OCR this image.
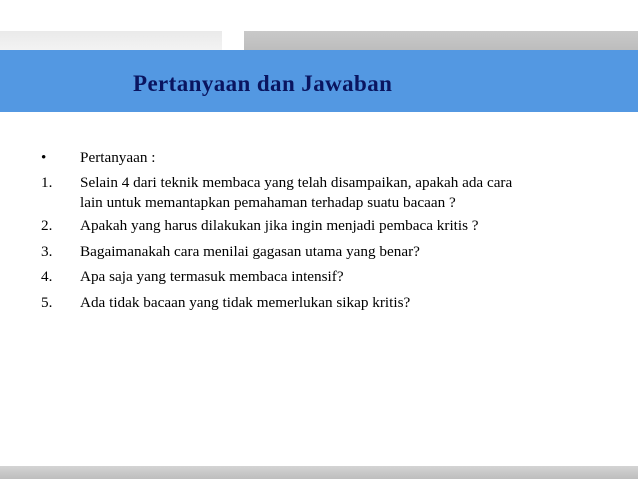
Pertanyaan dan Jawaban
• Pertanyaan :
1. Selain 4 dari teknik membaca yang telah disampaikan, apakah ada cara
lain untuk memantapkan pemahaman terhadap suatu bacaan ?
2. Apakah yang harus dilakukan jika ingin menjadi pembaca kritis ?
3. Bagaimanakah cara menilai gagasan utama yang benar?
4. Apa saja yang termasuk membaca intensif?
5. Ada tidak bacaan yang tidak memerlukan sikap kritis?
